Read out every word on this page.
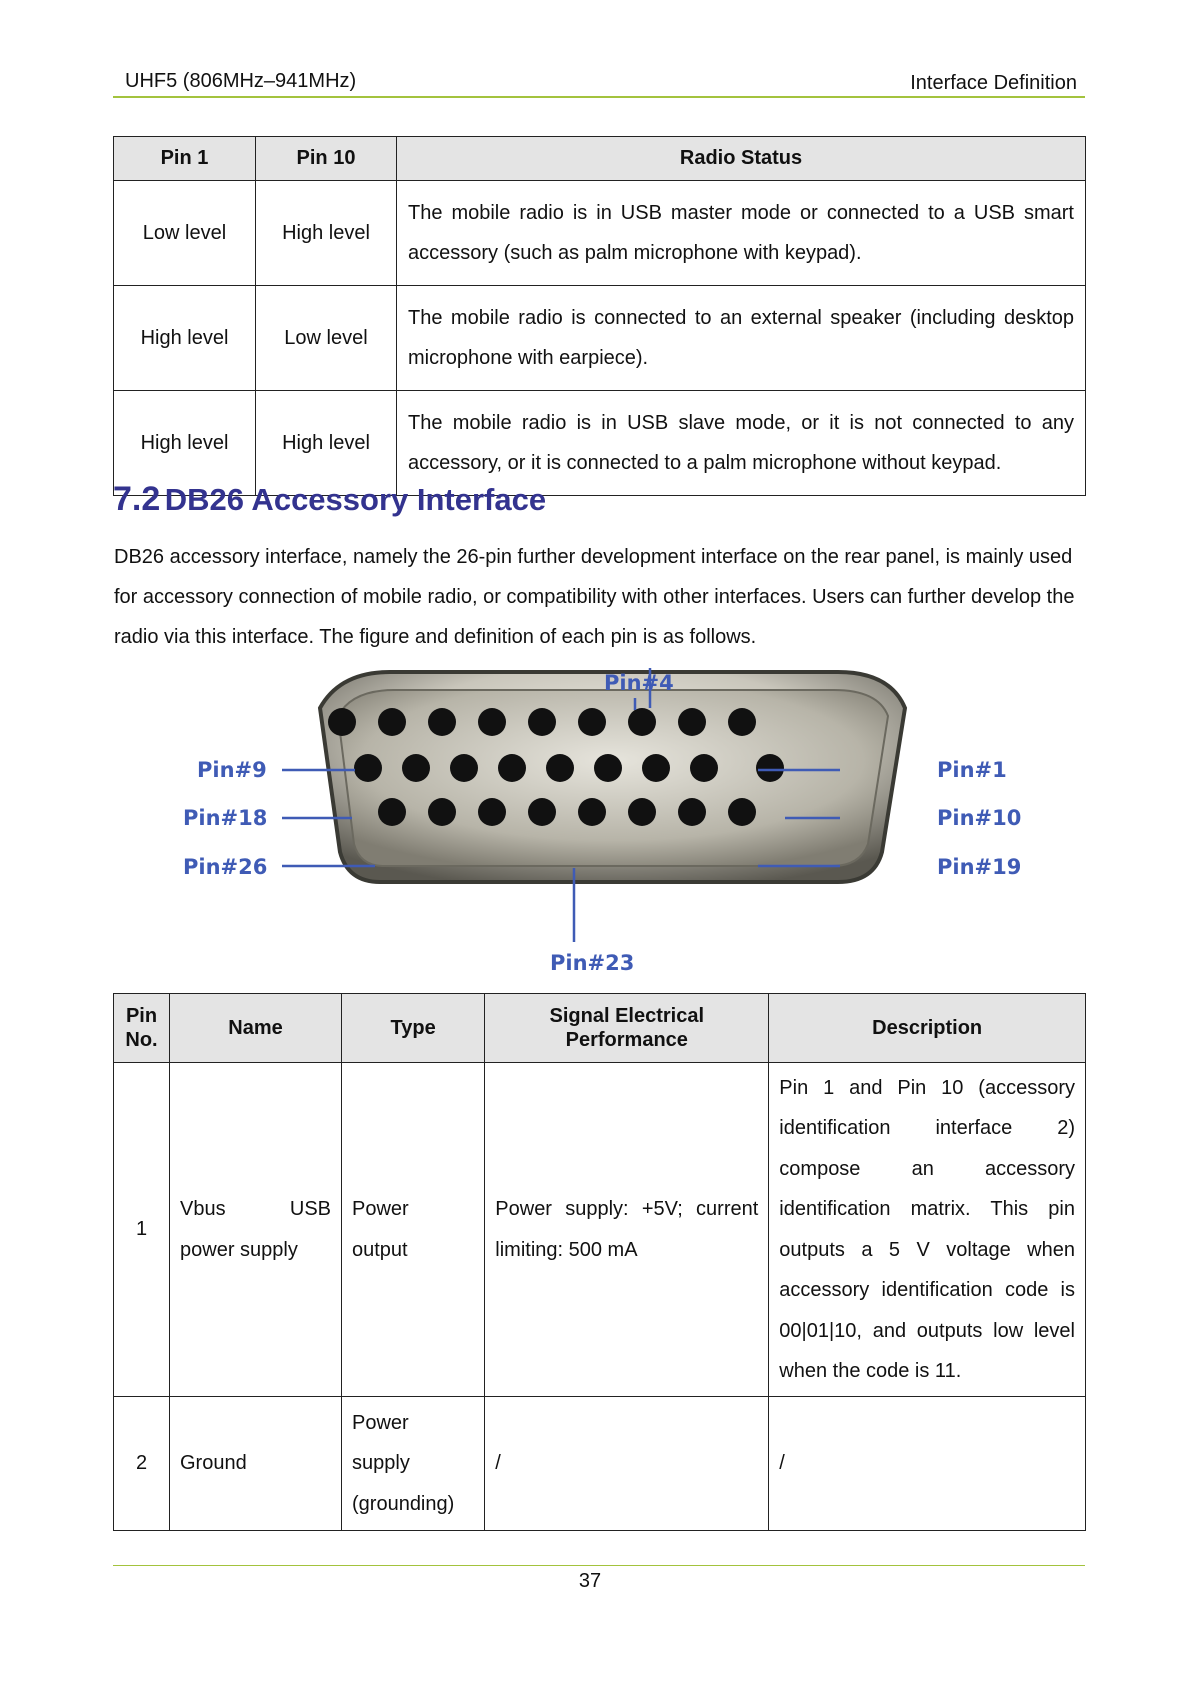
UHF5 (806MHz–941MHz)	Interface Definition
Pin 1	Pin 10	Radio Status
Low level	High level	The mobile radio is in USB master mode or connected to a USB smart accessory (such as palm microphone with keypad).
High level	Low level	The mobile radio is connected to an external speaker (including desktop microphone with earpiece).
High level	High level	The mobile radio is in USB slave mode, or it is not connected to any accessory, or it is connected to a palm microphone without keypad.
7.2 DB26 Accessory Interface
DB26 accessory interface, namely the 26-pin further development interface on the rear panel, is mainly used for accessory connection of mobile radio, or compatibility with other interfaces. Users can further develop the radio via this interface. The figure and definition of each pin is as follows.
Pin#4
Pin#9
Pin#18
Pin#26
Pin#1
Pin#10
Pin#19
Pin#23
Pin No.	Name	Type	Signal Electrical Performance	Description
1	Vbus USB power supply	Power output	Power supply: +5V; current limiting: 500 mA	Pin 1 and Pin 10 (accessory identification interface 2) compose an accessory identification matrix. This pin outputs a 5 V voltage when accessory identification code is 00|01|10, and outputs low level when the code is 11.
2	Ground	Power supply (grounding)	/	/
37
